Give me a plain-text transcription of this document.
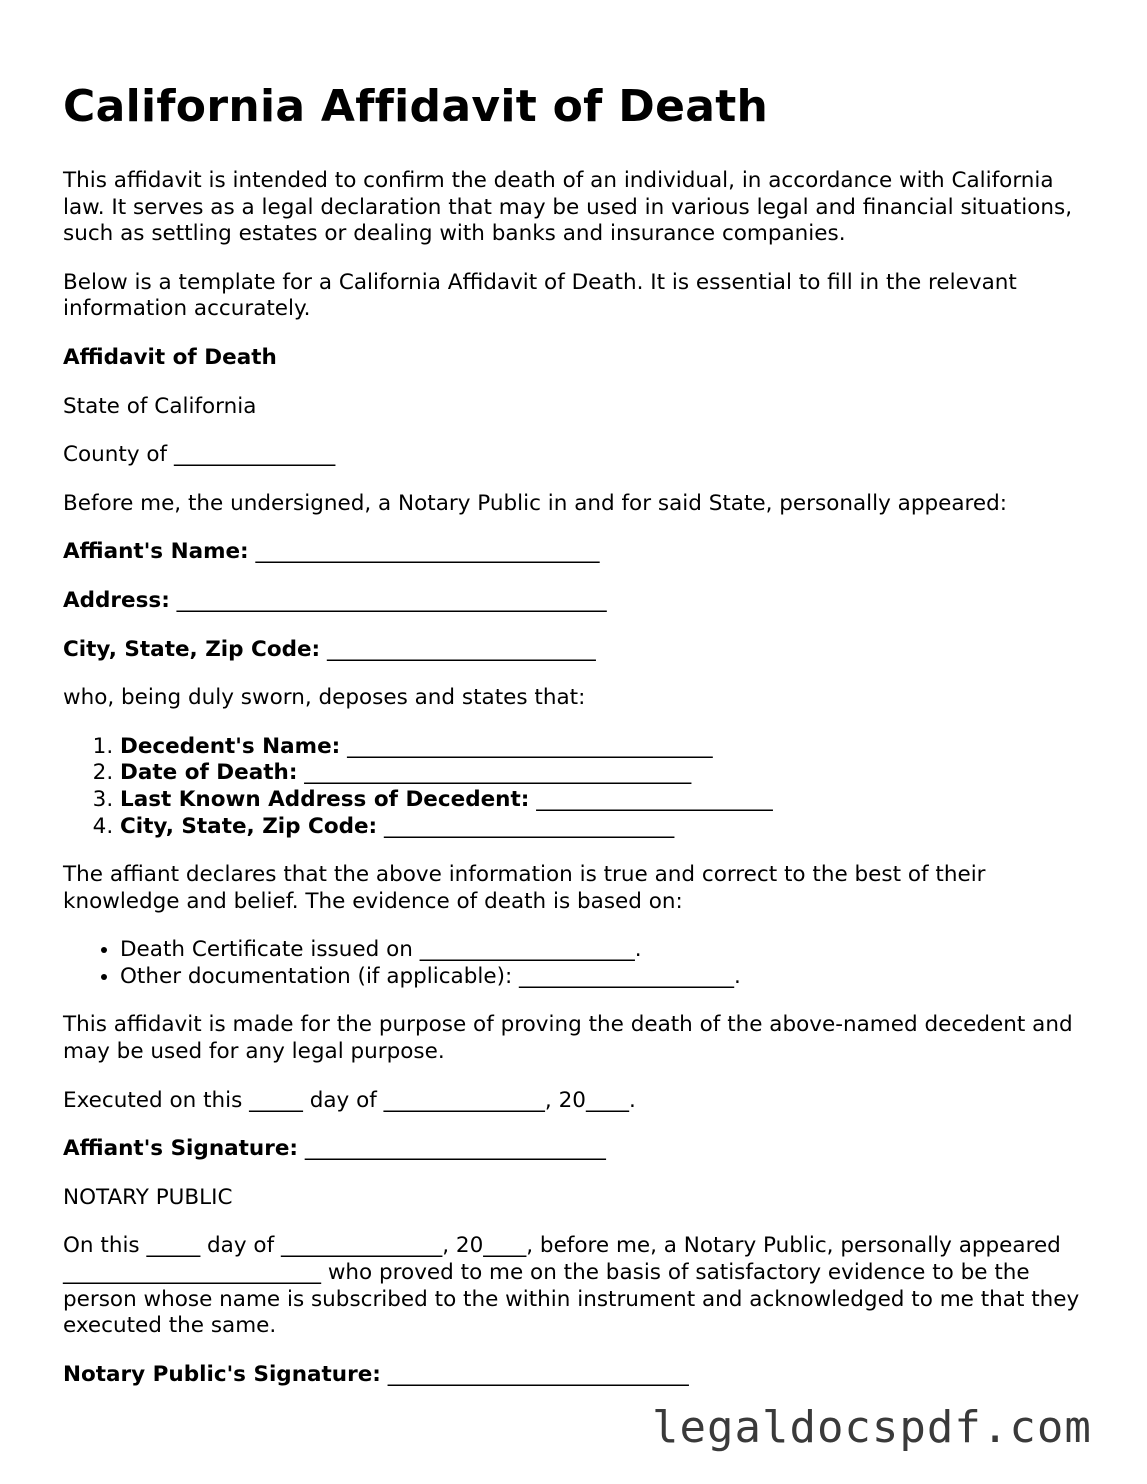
California Affidavit of Death

This affidavit is intended to confirm the death of an individual, in accordance with California law. It serves as a legal declaration that may be used in various legal and financial situations, such as settling estates or dealing with banks and insurance companies.

Below is a template for a California Affidavit of Death. It is essential to fill in the relevant information accurately.

Affidavit of Death

State of California

County of _______________

Before me, the undersigned, a Notary Public in and for said State, personally appeared:

Affiant's Name: ________________________________

Address: ________________________________________

City, State, Zip Code: _________________________

who, being duly sworn, deposes and states that:

1. Decedent's Name: __________________________________
2. Date of Death: ____________________________________
3. Last Known Address of Decedent: ______________________
4. City, State, Zip Code: ___________________________

The affiant declares that the above information is true and correct to the best of their knowledge and belief. The evidence of death is based on:

• Death Certificate issued on ____________________.
• Other documentation (if applicable): ____________________.

This affidavit is made for the purpose of proving the death of the above-named decedent and may be used for any legal purpose.

Executed on this _____ day of _______________, 20____.

Affiant's Signature: ____________________________

NOTARY PUBLIC

On this _____ day of _______________, 20____, before me, a Notary Public, personally appeared ________________________ who proved to me on the basis of satisfactory evidence to be the person whose name is subscribed to the within instrument and acknowledged to me that they executed the same.

Notary Public's Signature: ____________________________

legaldocspdf.com
